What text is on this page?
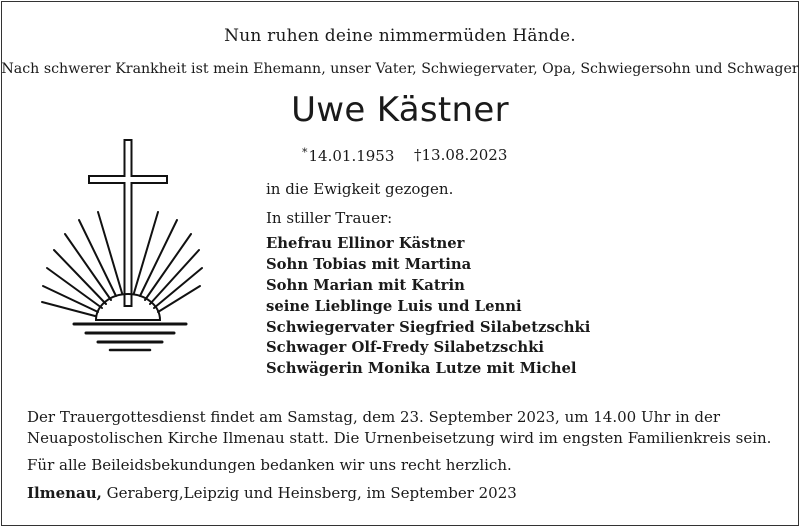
Nun ruhen deine nimmermüden Hände.
Nach schwerer Krankheit ist mein Ehemann, unser Vater, Schwiegervater, Opa, Schwiegersohn und Schwager
Uwe Kästner
*14.01.1953 †13.08.2023
in die Ewigkeit gezogen.
In stiller Trauer:
Ehefrau Ellinor Kästner
Sohn Tobias mit Martina
Sohn Marian mit Katrin
seine Lieblinge Luis und Lenni
Schwiegervater Siegfried Silabetzschki
Schwager Olf-Fredy Silabetzschki
Schwägerin Monika Lutze mit Michel
Der Trauergottesdienst findet am Samstag, dem 23. September 2023, um 14.00 Uhr in der
Neuapostolischen Kirche Ilmenau statt. Die Urnenbeisetzung wird im engsten Familienkreis sein.
Für alle Beileidsbekundungen bedanken wir uns recht herzlich.
Ilmenau, Geraberg,Leipzig und Heinsberg, im September 2023
